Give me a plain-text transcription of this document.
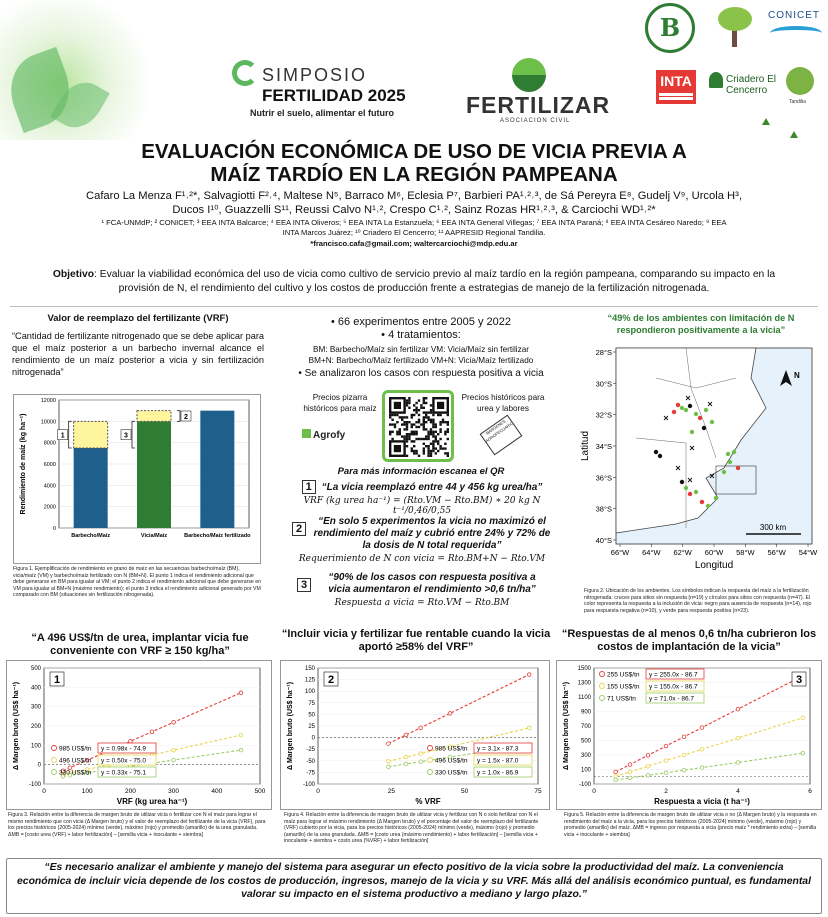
SIMPOSIO
FERTILIDAD 2025
Nutrir el suelo, alimentar el futuro	FERTILIZAR
ASOCIACION CIVIL
B	CONICET
INTA	Criadero El Cencerro
Tandilia
EVALUACIÓN ECONÓMICA DE USO DE VICIA PREVIA A
MAÍZ TARDÍO EN LA REGIÓN PAMPEANA
Cafaro La Menza F¹˒²*, Salvagiotti F²˒⁴, Maltese N⁵, Barraco M⁶, Eclesia P⁷, Barbieri PA¹˒²˒³, de Sá Pereyra E⁸, Gudelj V⁹, Urcola H³,
Ducos I¹⁰, Guazzelli S¹¹, Reussi Calvo N¹˒², Crespo C¹˒², Sainz Rozas HR¹˒²˒³, & Carciochi WD¹˒²*
¹ FCA-UNMdP; ² CONICET; ³ EEA INTA Balcarce; ⁴ EEA INTA Oliveros; ⁵ EEA INTA La Estanzuela; ⁶ EEA INTA General Villegas; ⁷ EEA INTA Paraná; ⁸ EEA INTA Cesáreo Naredo; ⁹ EEA
INTA Marcos Juárez; ¹⁰ Criadero El Cencerro; ¹¹ AAPRESID Regional Tandilia.
*francisco.cafa@gmail.com; waltercarciochi@mdp.edu.ar
Objetivo: Evaluar la viabilidad económica del uso de vicia como cultivo de servicio previo al maíz tardío en la región pampeana, comparando su impacto en la provisión de N, el rendimiento del cultivo y los costos de producción frente a estrategias de manejo de la fertilización nitrogenada.
Valor de reemplazo del fertilizante (VRF)
“Cantidad de fertilizante nitrogenado que se debe aplicar para que el maíz posterior a un barbecho invernal alcance el rendimiento de un maíz posterior a vicia y sin fertilización nitrogenada”
0
2000
4000
6000
8000
10000
12000
Rendimiento de maíz (kg ha⁻¹)
Barbecho/Maíz	Vicia/Maíz	Barbecho/Maíz fertilizado
1	3
2
Figura 1. Ejemplificación de rendimiento en grano de maíz en las secuencias barbecho/maíz (BM), vicia/maíz (VM) y barbecho/maíz fertilizado con N (BM+N). El punto 1 indica el rendimiento adicional que debe generarse en BM para igualar al VM; el punto 2 indica el rendimiento adicional que debe generarse en VM para igualar al BM+N (máximo rendimiento); el punto 3 indica el rendimiento adicional generado por VM comparado con BM (situaciones sin fertilización nitrogenada).
• 66 experimentos entre 2005 y 2022
• 4 tratamientos:
BM: Barbecho/Maíz sin fertilizar VM: Vicia/Maíz sin fertilizar
BM+N: Barbecho/Maíz fertilizado VM+N: Vicia/Maíz fertilizado
• Se analizaron los casos con respuesta positiva a vicia
Precios pizarra históricos para maíz
Agrofy
Precios históricos para urea y labores
MÁRGENES AGROPECUARIOS
Para más información escanea el QR
1 “La vicia reemplazó entre 44 y 456 kg urea/ha”
VRF (kg urea ha⁻¹) = (Rto.VM − Rto.BM) ∗ 20 kg N t⁻¹/0,46/0,55
2
“En solo 5 experimentos la vicia no maximizó el rendimiento del maíz y cubrió entre 24% y 72% de la dosis de N total requerida”
Requerimiento de N con vicia = Rto.BM+N − Rto.VM
3
“90% de los casos con respuesta positiva a vicia aumentaron el rendimiento >0,6 tn/ha”
Respuesta a vicia = Rto.VM − Rto.BM
“49% de los ambientes con limitación de N respondieron positivamente a la vicia”
28°S
30°S
32°S
34°S
36°S
38°S
40°S
66°W 64°W 62°W 60°W 58°W 56°W 54°W
Longitud
Latitud
N
300 km
Figura 2. Ubicación de los ambientes. Los símbolos indican la respuesta del maíz a la fertilización nitrogenada: cruces para sitios sin respuesta (n=19) y círculos para sitios con respuesta (n=47). El color representa la respuesta a la inclusión de vicia: negro para ausencia de respuesta (n=14), rojo para respuesta negativa (n=10), y verde para respuesta positiva (n=23).
“A 496 US$/tn de urea, implantar vicia fue conveniente con VRF ≥ 150 kg/ha”
“Incluir vicia y fertilizar fue rentable cuando la vicia aportó ≥58% del VRF”
“Respuestas de al menos 0,6 tn/ha cubrieron los costos de implantación de la vicia”
-100
0
100
200
300
400
500
0	100	200	300	400	500
VRF (kg urea ha⁻¹)
Δ Margen bruto (US$ ha⁻¹)
1
985 US$/tn y = 0.98x - 74.9
496 US$/tn y = 0.50x - 75.0
330 US$/tn y = 0.33x - 75.1
-100
-75
-50
-25
0
25
50
75
100
125
150
0	25	50	75
% VRF
Δ Margen bruto (US$ ha⁻¹)
2
985 US$/tn y = 3.1x - 87.3
496 US$/tn y = 1.5x - 87.0
330 US$/tn y = 1.0x - 86.9
-100
100
300
500
700
900
1100
1300
1500
0	2	4	6
Respuesta a vicia (t ha⁻¹)
Δ Margen bruto (US$ ha⁻¹)
3
255 US$/tn y = 255.0x - 86.7
155 US$/tn y = 155.0x - 86.7
71 US$/tn y = 71.0x - 86.7
Figura 3. Relación entre la diferencia de margen bruto de utilizar vicia o fertilizar con N el maíz para lograr el mismo rendimiento que con vicia (Δ Margen bruto) y el valor de reemplazo del fertilizante de la vicia (VRF), para los precios históricos (2005-2024) mínimo (verde), máximo (rojo) y promedio (amarillo) de la urea granulada. ΔMB = [costo urea (VRF) + labor fertilización] – [semilla vicia + inoculante + siembra]
Figura 4. Relación entre la diferencia de margen bruto de utilizar vicia y fertilizar con N o solo fertilizar con N el maíz para lograr el máximo rendimiento (Δ Margen bruto) y el porcentaje del valor de reemplazo del fertilizante (VRF) cubierto por la vicia, para los precios históricos (2005-2024) mínimo (verde), máximo (rojo) y promedio (amarillo) de la urea granulada. ΔMB = [costo urea (máximo rendimiento) + labor fertilización] – [semilla vicia + inoculante + siembra + costo urea (%VRF) + labor fertilización]
Figura 5. Relación entre la diferencia de margen bruto de utilizar vicia o no (Δ Margen bruto) y la respuesta en rendimiento del maíz a la vicia, para los precios históricos (2005-2024) mínimo (verde), máximo (rojo) y promedio (amarillo) del maíz. ΔMB = ingreso por respuesta a vicia (precio maíz * rendimiento extra) – [semilla vicia + inoculante + siembra]
“Es necesario analizar el ambiente y manejo del sistema para asegurar un efecto positivo de la vicia sobre la productividad del maíz. La conveniencia económica de incluir vicia depende de los costos de producción, ingresos, manejo de la vicia y su VRF. Más allá del análisis económico puntual, es fundamental valorar su impacto en el sistema productivo a mediano y largo plazo.”
